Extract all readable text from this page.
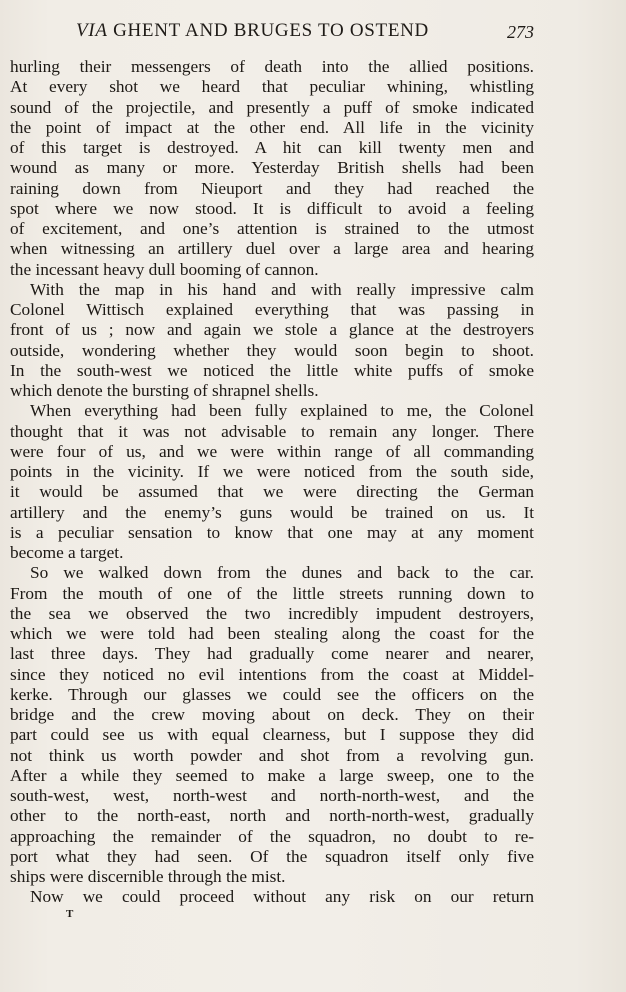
VIA GHENT AND BRUGES TO OSTEND	273
hurling their messengers of death into the allied positions.
At every shot we heard that peculiar whining, whistling
sound of the projectile, and presently a puff of smoke indicated
the point of impact at the other end. All life in the vicinity
of this target is destroyed. A hit can kill twenty men and
wound as many or more. Yesterday British shells had been
raining down from Nieuport and they had reached the
spot where we now stood. It is difficult to avoid a feeling
of excitement, and one’s attention is strained to the utmost
when witnessing an artillery duel over a large area and hearing
the incessant heavy dull booming of cannon.
With the map in his hand and with really impressive calm
Colonel Wittisch explained everything that was passing in
front of us ; now and again we stole a glance at the destroyers
outside, wondering whether they would soon begin to shoot.
In the south-west we noticed the little white puffs of smoke
which denote the bursting of shrapnel shells.
When everything had been fully explained to me, the Colonel
thought that it was not advisable to remain any longer. There
were four of us, and we were within range of all commanding
points in the vicinity. If we were noticed from the south side,
it would be assumed that we were directing the German
artillery and the enemy’s guns would be trained on us. It
is a peculiar sensation to know that one may at any moment
become a target.
So we walked down from the dunes and back to the car.
From the mouth of one of the little streets running down to
the sea we observed the two incredibly impudent destroyers,
which we were told had been stealing along the coast for the
last three days. They had gradually come nearer and nearer,
since they noticed no evil intentions from the coast at Middel-
kerke. Through our glasses we could see the officers on the
bridge and the crew moving about on deck. They on their
part could see us with equal clearness, but I suppose they did
not think us worth powder and shot from a revolving gun.
After a while they seemed to make a large sweep, one to the
south-west, west, north-west and north-north-west, and the
other to the north-east, north and north-north-west, gradually
approaching the remainder of the squadron, no doubt to re-
port what they had seen. Of the squadron itself only five
ships were discernible through the mist.
Now we could proceed without any risk on our return
T
